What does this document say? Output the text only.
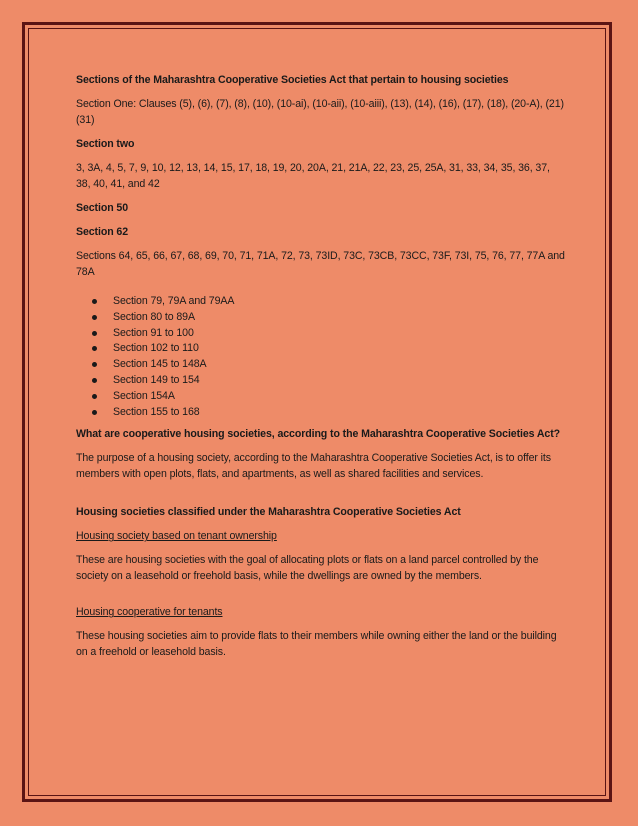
Sections of the Maharashtra Cooperative Societies Act that pertain to housing societies

Section One: Clauses (5), (6), (7), (8), (10), (10-ai), (10-aii), (10-aiii), (13), (14), (16), (17), (18), (20-A), (21) (31)

Section two

3, 3A, 4, 5, 7, 9, 10, 12, 13, 14, 15, 17, 18, 19, 20, 20A, 21, 21A, 22, 23, 25, 25A, 31, 33, 34, 35, 36, 37, 38, 40, 41, and 42

Section 50

Section 62

Sections 64, 65, 66, 67, 68, 69, 70, 71, 71A, 72, 73, 73ID, 73C, 73CB, 73CC, 73F, 73I, 75, 76, 77, 77A and 78A

Section 79, 79A and 79AA
Section 80 to 89A
Section 91 to 100
Section 102 to 110
Section 145 to 148A
Section 149 to 154
Section 154A
Section 155 to 168

What are cooperative housing societies, according to the Maharashtra Cooperative Societies Act?

The purpose of a housing society, according to the Maharashtra Cooperative Societies Act, is to offer its members with open plots, flats, and apartments, as well as shared facilities and services.

Housing societies classified under the Maharashtra Cooperative Societies Act

Housing society based on tenant ownership

These are housing societies with the goal of allocating plots or flats on a land parcel controlled by the society on a leasehold or freehold basis, while the dwellings are owned by the members.

Housing cooperative for tenants

These housing societies aim to provide flats to their members while owning either the land or the building on a freehold or leasehold basis.
